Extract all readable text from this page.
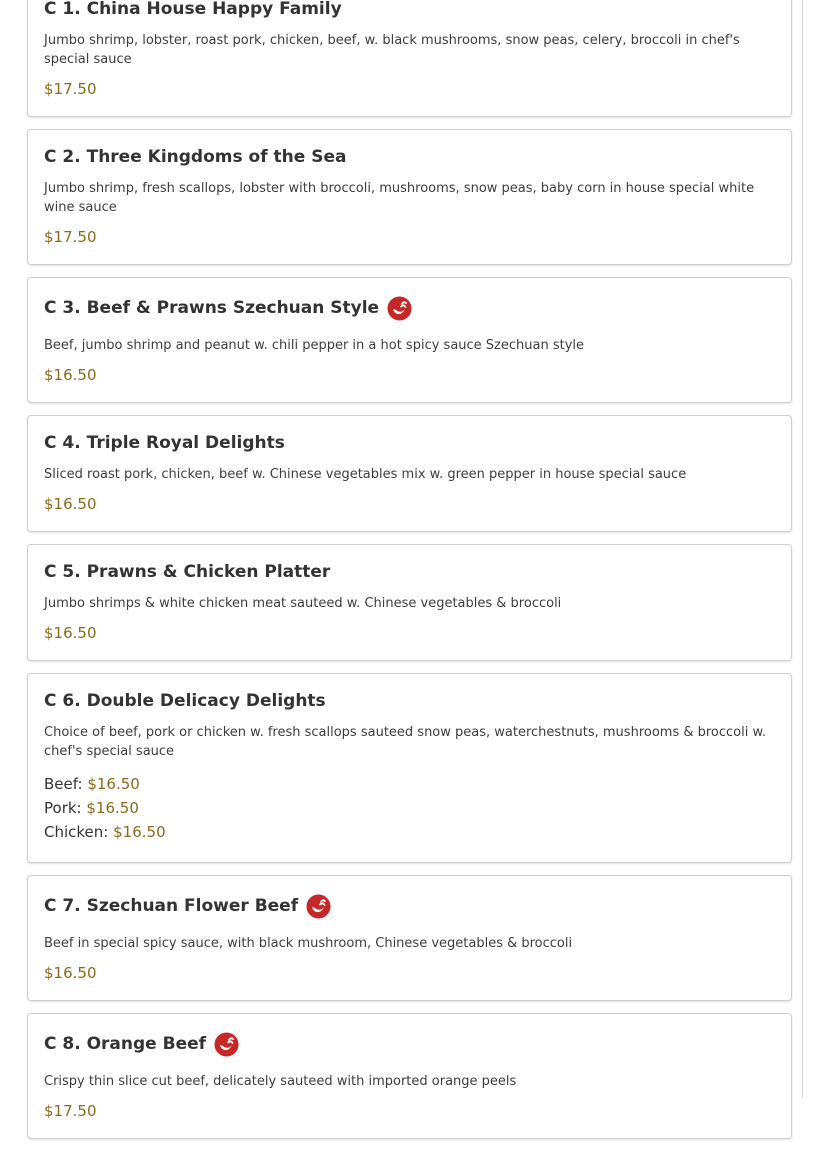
C 1. China House Happy Family
Jumbo shrimp, lobster, roast pork, chicken, beef, w. black mushrooms, snow peas, celery, broccoli in chef's special sauce
$17.50
C 2. Three Kingdoms of the Sea
Jumbo shrimp, fresh scallops, lobster with broccoli, mushrooms, snow peas, baby corn in house special white wine sauce
$17.50
C 3. Beef & Prawns Szechuan Style
Beef, jumbo shrimp and peanut w. chili pepper in a hot spicy sauce Szechuan style
$16.50
C 4. Triple Royal Delights
Sliced roast pork, chicken, beef w. Chinese vegetables mix w. green pepper in house special sauce
$16.50
C 5. Prawns & Chicken Platter
Jumbo shrimps & white chicken meat sauteed w. Chinese vegetables & broccoli
$16.50
C 6. Double Delicacy Delights
Choice of beef, pork or chicken w. fresh scallops sauteed snow peas, waterchestnuts, mushrooms & broccoli w. chef's special sauce
Beef: $16.50
Pork: $16.50
Chicken: $16.50
C 7. Szechuan Flower Beef
Beef in special spicy sauce, with black mushroom, Chinese vegetables & broccoli
$16.50
C 8. Orange Beef
Crispy thin slice cut beef, delicately sauteed with imported orange peels
$17.50
